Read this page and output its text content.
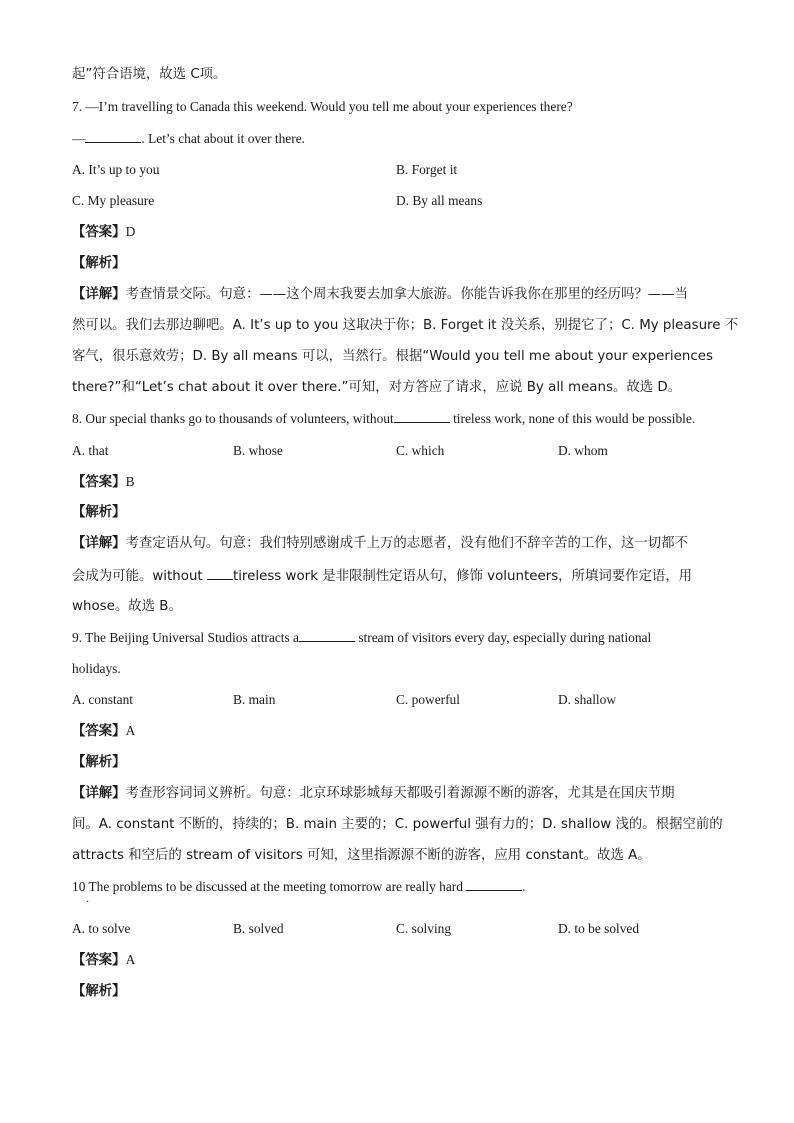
起”符合语境，故选 C项。
7. —I’m travelling to Canada this weekend. Would you tell me about your experiences there?
—	. Let’s chat about it over there.
A. It’s up to you	B. Forget it
C. My pleasure	D. By all means
【答案】D
【解析】
【详解】考查情景交际。句意：——这个周末我要去加拿大旅游。你能告诉我你在那里的经历吗？——当
然可以。我们去那边聊吧。A. It’s up to you 这取决于你；B. Forget it 没关系，别提它了；C. My pleasure 不
客气，很乐意效劳；D. By all means 可以，当然行。根据“Would you tell me about your experiences
there?”和“Let’s chat about it over there.”可知，对方答应了请求，应说 By all means。故选 D。
8. Our special thanks go to thousands of volunteers, without	tireless work, none of this would be possible.
A. that	B. whose	C. which	D. whom
【答案】B
【解析】
【详解】考查定语从句。句意：我们特别感谢成千上万的志愿者，没有他们不辞辛苦的工作，这一切都不
会成为可能。without tireless work 是非限制性定语从句，修饰 volunteers，所填词要作定语，用
whose。故选 B。
9. The Beijing Universal Studios attracts a	stream of visitors every day, especially during national
holidays.
A. constant	B. main	C. powerful	D. shallow
【答案】A
【解析】
【详解】考查形容词词义辨析。句意：北京环球影城每天都吸引着源源不断的游客，尤其是在国庆节期
间。A. constant 不断的，持续的；B. main 主要的；C. powerful 强有力的；D. shallow 浅的。根据空前的
attracts 和空后的 stream of visitors 可知，这里指源源不断的游客，应用 constant。故选 A。
10 The problems to be discussed at the meeting tomorrow are really hard	.
·
A. to solve	B. solved	C. solving	D. to be solved
【答案】A
【解析】
